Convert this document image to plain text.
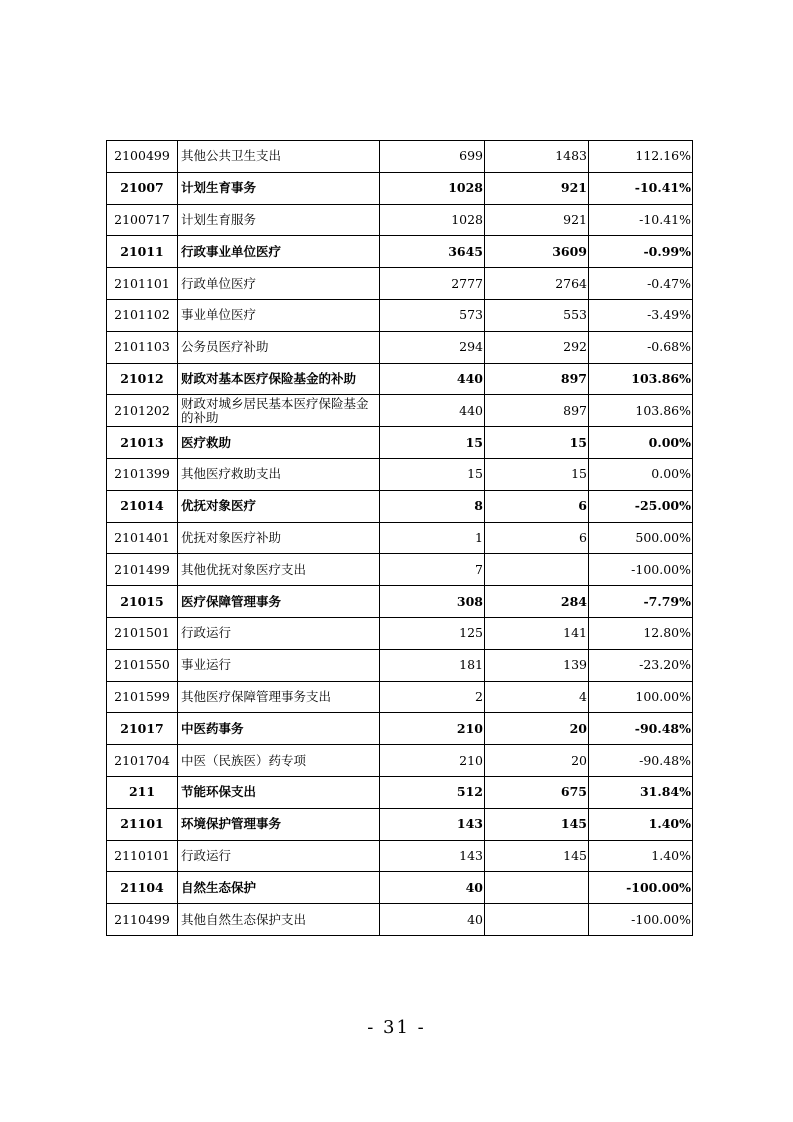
2100499	其他公共卫生支出	699	1483	112.16%
21007	计划生育事务	1028	921	-10.41%
2100717	计划生育服务	1028	921	-10.41%
21011	行政事业单位医疗	3645	3609	-0.99%
2101101	行政单位医疗	2777	2764	-0.47%
2101102	事业单位医疗	573	553	-3.49%
2101103	公务员医疗补助	294	292	-0.68%
21012	财政对基本医疗保险基金的补助	440	897	103.86%
2101202	财政对城乡居民基本医疗保险基金的补助	440	897	103.86%
21013	医疗救助	15	15	0.00%
2101399	其他医疗救助支出	15	15	0.00%
21014	优抚对象医疗	8	6	-25.00%
2101401	优抚对象医疗补助	1	6	500.00%
2101499	其他优抚对象医疗支出	7		-100.00%
21015	医疗保障管理事务	308	284	-7.79%
2101501	行政运行	125	141	12.80%
2101550	事业运行	181	139	-23.20%
2101599	其他医疗保障管理事务支出	2	4	100.00%
21017	中医药事务	210	20	-90.48%
2101704	中医（民族医）药专项	210	20	-90.48%
211	节能环保支出	512	675	31.84%
21101	环境保护管理事务	143	145	1.40%
2110101	行政运行	143	145	1.40%
21104	自然生态保护	40		-100.00%
2110499	其他自然生态保护支出	40		-100.00%
- 31 -
